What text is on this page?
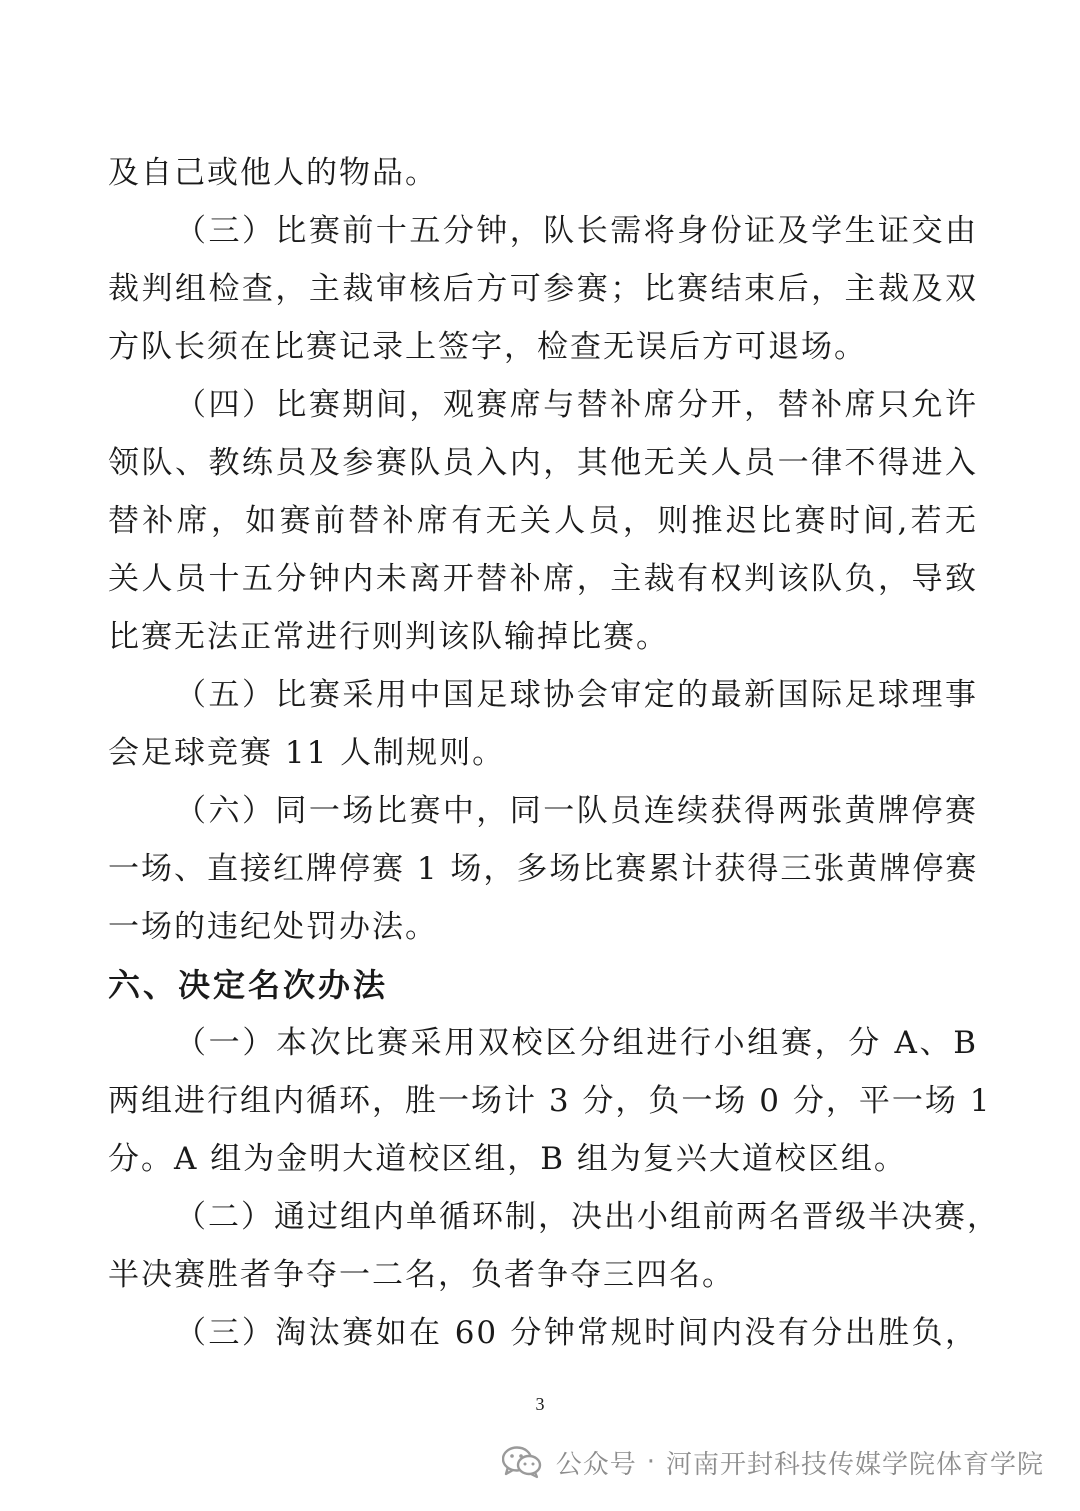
及自己或他人的物品。
（三）比赛前十五分钟，队长需将身份证及学生证交由
裁判组检查，主裁审核后方可参赛；比赛结束后，主裁及双
方队长须在比赛记录上签字，检查无误后方可退场。
（四）比赛期间，观赛席与替补席分开，替补席只允许
领队、教练员及参赛队员入内，其他无关人员一律不得进入
替补席，如赛前替补席有无关人员，则推迟比赛时间,若无
关人员十五分钟内未离开替补席，主裁有权判该队负，导致
比赛无法正常进行则判该队输掉比赛。
（五）比赛采用中国足球协会审定的最新国际足球理事
会足球竞赛 11 人制规则。
（六）同一场比赛中，同一队员连续获得两张黄牌停赛
一场、直接红牌停赛 1 场，多场比赛累计获得三张黄牌停赛
一场的违纪处罚办法。
六、决定名次办法
（一）本次比赛采用双校区分组进行小组赛，分 A、B
两组进行组内循环，胜一场计 3 分，负一场 0 分，平一场 1
分。A 组为金明大道校区组，B 组为复兴大道校区组。
（二）通过组内单循环制，决出小组前两名晋级半决赛，
半决赛胜者争夺一二名，负者争夺三四名。
（三）淘汰赛如在 60 分钟常规时间内没有分出胜负，
3
公众号 · 河南开封科技传媒学院体育学院
